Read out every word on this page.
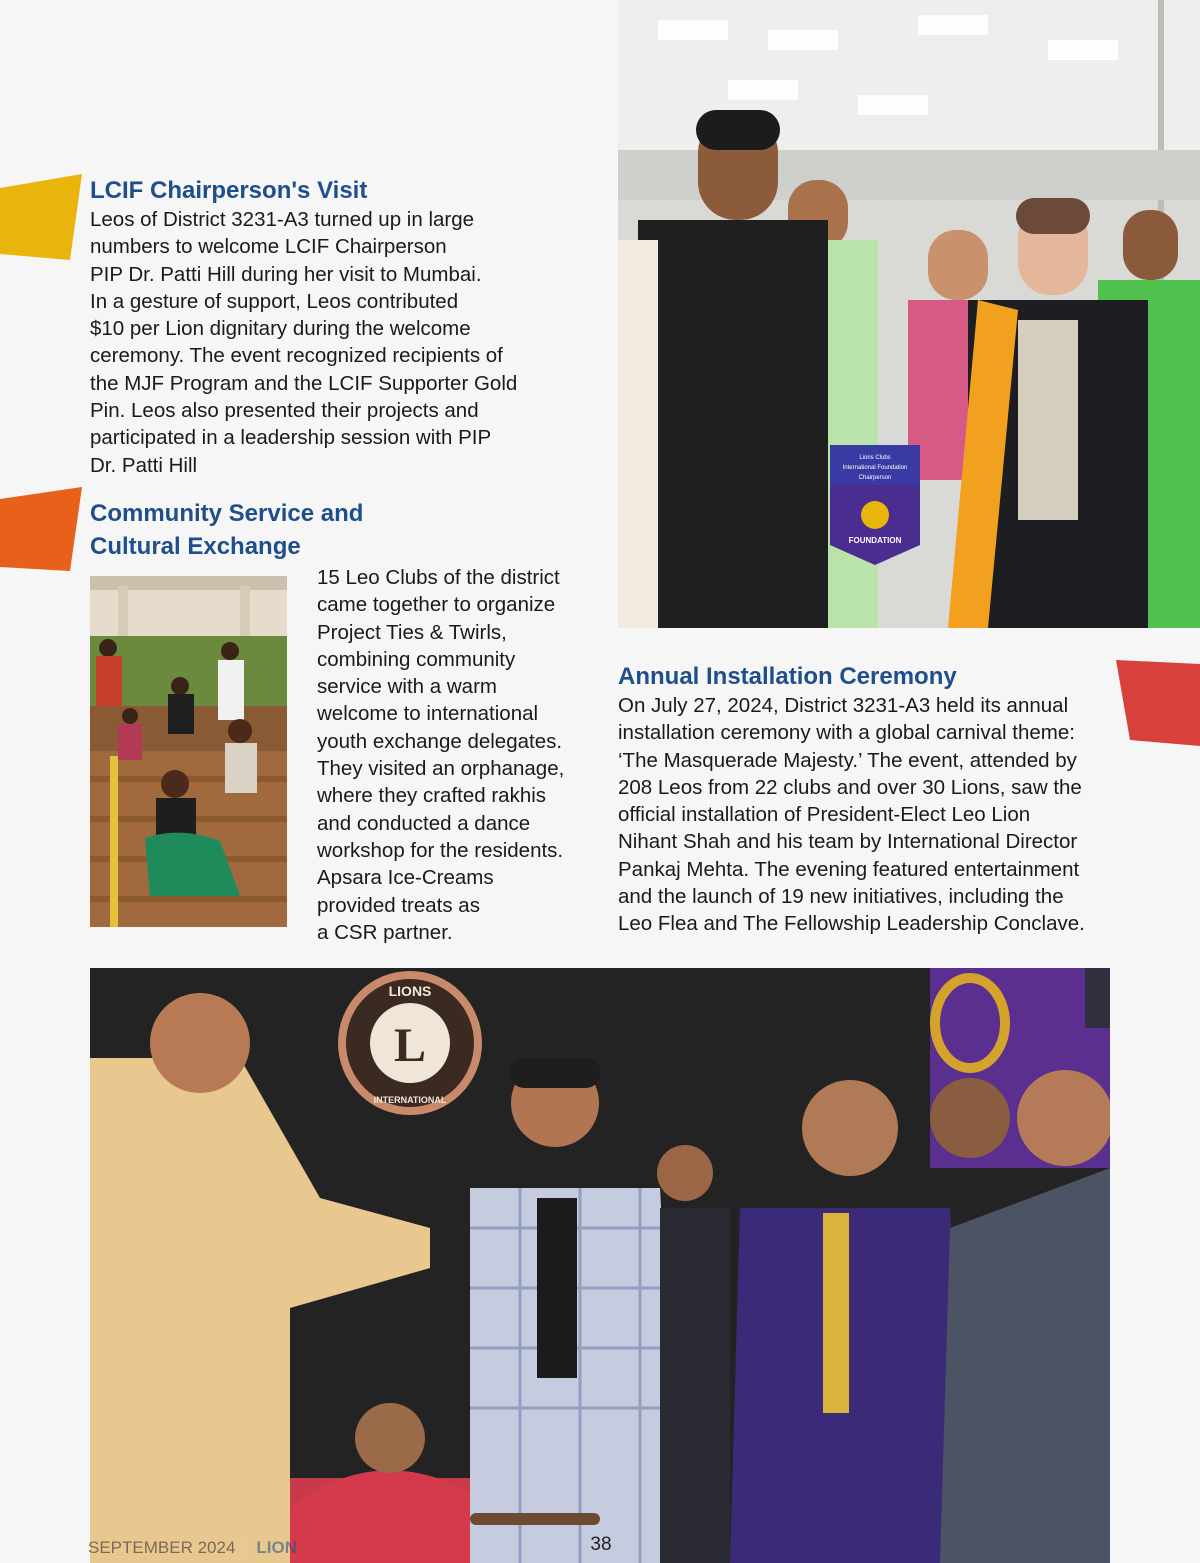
LCIF Chairperson's Visit

Leos of District 3231-A3 turned up in large
numbers to welcome LCIF Chairperson
PIP Dr. Patti Hill during her visit to Mumbai.
In a gesture of support, Leos contributed
$10 per Lion dignitary during the welcome
ceremony. The event recognized recipients of
the MJF Program and the LCIF Supporter Gold
Pin. Leos also presented their projects and
participated in a leadership session with PIP
Dr. Patti Hill

Community Service and
Cultural Exchange

15 Leo Clubs of the district
came together to organize
Project Ties & Twirls,
combining community
service with a warm
welcome to international
youth exchange delegates.
They visited an orphanage,
where they crafted rakhis
and conducted a dance
workshop for the residents.
Apsara Ice-Creams
provided treats as
a CSR partner.

Lions Clubs
International Foundation
Chairperson
FOUNDATION
Annual Installation Ceremony

On July 27, 2024, District 3231-A3 held its annual
installation ceremony with a global carnival theme:
‘The Masquerade Majesty.’ The event, attended by
208 Leos from 22 clubs and over 30 Lions, saw the
official installation of President-Elect Leo Lion
Nihant Shah and his team by International Director
Pankaj Mehta. The evening featured entertainment
and the launch of 19 new initiatives, including the
Leo Flea and The Fellowship Leadership Conclave.

L
LIONS
INTERNATIONAL
SEPTEMBER 2024 LION	38
